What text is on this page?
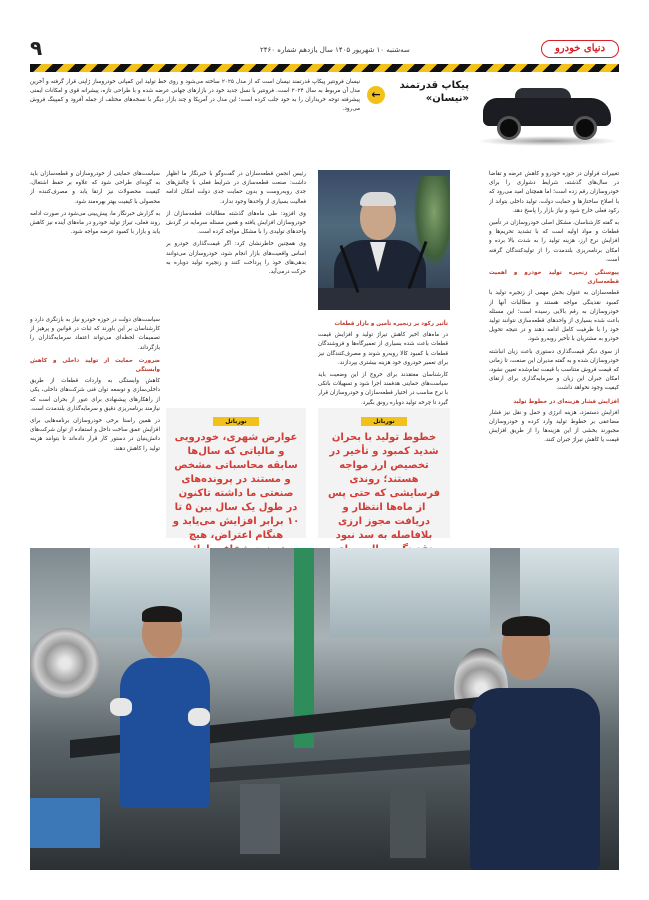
۹	سه‌شنبه ۱۰ شهریور ۱۴۰۵ سال یازدهم شماره ۲۴۶۰	دنیای خودرو
پیکاپ قدرتمند
«نیسان»
←
نیسان فرونتیر پیکاپ قدرتمند نیسان است که از مدل ۲۰۲۵ ساخته می‌شود و روی خط تولید این کمپانی خودروساز ژاپنی قرار گرفته و آخرین مدل آن مربوط به سال ۲۰۲۴ است. فرونتیر با نسل جدید خود در بازارهای جهانی عرضه شده و با طراحی تازه، پیشرانه قوی و امکانات ایمنی پیشرفته توجه خریداران را به خود جلب کرده است؛ این مدل در آمریکا و چند بازار دیگر با نسخه‌های مختلف از جمله آفرود و کمپینگ فروش می‌رود.

تغییرات فراوان در حوزه خودرو و کاهش عرضه و تقاضا در سال‌های گذشته، شرایط دشواری را برای خودروسازان رقم زده است؛ اما همچنان امید می‌رود که با اصلاح ساختارها و حمایت دولت، تولید داخلی بتواند از رکود فعلی خارج شود و نیاز بازار را پاسخ دهد.

به گفته کارشناسان، مشکل اصلی خودروسازان در تأمین قطعات و مواد اولیه است که با تشدید تحریم‌ها و افزایش نرخ ارز، هزینه تولید را به شدت بالا برده و امکان برنامه‌ریزی بلندمدت را از تولیدکنندگان گرفته است.

پیوستگی زنجیره تولید خودرو و اهمیت قطعه‌سازی

قطعه‌سازان به عنوان بخش مهمی از زنجیره تولید با کمبود نقدینگی مواجه هستند و مطالبات آنها از خودروسازان به رقم بالایی رسیده است؛ این مسئله باعث شده بسیاری از واحدهای قطعه‌سازی نتوانند تولید خود را با ظرفیت کامل ادامه دهند و در نتیجه تحویل خودرو به مشتریان با تأخیر روبه‌رو شود.

از سوی دیگر قیمت‌گذاری دستوری باعث زیان انباشته خودروسازان شده و به گفته مدیران این صنعت، تا زمانی که قیمت فروش متناسب با قیمت تمام‌شده تعیین نشود، امکان جبران این زیان و سرمایه‌گذاری برای ارتقای کیفیت وجود نخواهد داشت.

افزایش فشار هزینه‌ای در خطوط تولید

افزایش دستمزد، هزینه انرژی و حمل و نقل نیز فشار مضاعفی بر خطوط تولید وارد کرده و خودروسازان مجبورند بخشی از این هزینه‌ها را از طریق افزایش قیمت یا کاهش تیراژ جبران کنند.

تأثیر رکود بر زنجیره تأمین و بازار قطعات

در ماه‌های اخیر کاهش تیراژ تولید و افزایش قیمت قطعات باعث شده بسیاری از تعمیرگاه‌ها و فروشندگان قطعات با کمبود کالا روبه‌رو شوند و مصرف‌کنندگان نیز برای تعمیر خودروی خود هزینه بیشتری بپردازند.

کارشناسان معتقدند برای خروج از این وضعیت باید سیاست‌های حمایتی هدفمند اجرا شود و تسهیلات بانکی با نرخ مناسب در اختیار قطعه‌سازان و خودروسازان قرار گیرد تا چرخه تولید دوباره رونق بگیرد.

رئیس انجمن قطعه‌سازان در گفت‌وگو با خبرنگار ما اظهار داشت: صنعت قطعه‌سازی در شرایط فعلی با چالش‌های جدی روبه‌روست و بدون حمایت جدی دولت امکان ادامه فعالیت بسیاری از واحدها وجود ندارد.

وی افزود: طی ماه‌های گذشته مطالبات قطعه‌سازان از خودروسازان افزایش یافته و همین مسئله سرمایه در گردش واحدهای تولیدی را با مشکل مواجه کرده است.

وی همچنین خاطرنشان کرد: اگر قیمت‌گذاری خودرو بر اساس واقعیت‌های بازار انجام شود، خودروسازان می‌توانند بدهی‌های خود را پرداخت کنند و زنجیره تولید دوباره به حرکت درمی‌آید.

سیاست‌های حمایتی از خودروسازان و قطعه‌سازان باید به گونه‌ای طراحی شود که علاوه بر حفظ اشتغال، کیفیت محصولات نیز ارتقا یابد و مصرف‌کننده از محصولی با کیفیت بهتر بهره‌مند شود.

به گزارش خبرنگار ما، پیش‌بینی می‌شود در صورت ادامه روند فعلی، تیراژ تولید خودرو در ماه‌های آینده نیز کاهش یابد و بازار با کمبود عرضه مواجه شود.

سیاست‌های دولت در حوزه خودرو نیاز به بازنگری دارد و کارشناسان بر این باورند که ثبات در قوانین و پرهیز از تصمیمات لحظه‌ای می‌تواند اعتماد سرمایه‌گذاران را بازگرداند.

ضرورت حمایت از تولید داخلی و کاهش وابستگی

کاهش وابستگی به واردات قطعات از طریق داخلی‌سازی و توسعه توان فنی شرکت‌های داخلی، یکی از راهکارهای پیشنهادی برای عبور از بحران است که نیازمند برنامه‌ریزی دقیق و سرمایه‌گذاری بلندمدت است.

در همین راستا برخی خودروسازان برنامه‌هایی برای افزایش عمق ساخت داخل و استفاده از توان شرکت‌های دانش‌بنیان در دستور کار قرار داده‌اند تا بتوانند هزینه تولید را کاهش دهند.

نورباتل
خطوط تولید با بحران شدید کمبود و تأخیر در تخصیص ارز مواجه هستند؛ روندی فرسایشی که حتی پس از ماه‌ها انتظار و دریافت مجوز ارزی بلافاصله به سد نبود
نورباتل
عوارض شهری، خودرویی و مالیاتی که سال‌ها سابقه محاسباتی مشخص و مستند در پرونده‌های صنعتی ما داشته تاکنون در طول یک سال بین ۵ تا ۱۰ برابر افزایش می‌یابد و هنگام اعتراض، هیچ
